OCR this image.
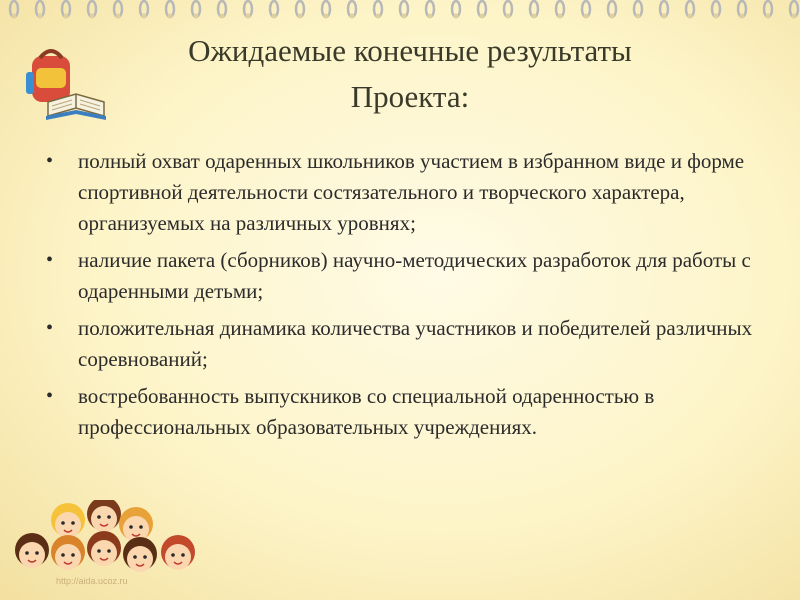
Ожидаемые конечные результаты
Проекта:
• полный охват одаренных школьников участием в избранном виде и форме спортивной деятельности состязательного и творческого характера, организуемых на различных уровнях;
• наличие пакета (сборников) научно-методических разработок для работы с одаренными детьми;
• положительная динамика количества участников и победителей различных соревнований;
• востребованность выпускников со специальной одаренностью в профессиональных образовательных учреждениях.
http://aida.ucoz.ru
